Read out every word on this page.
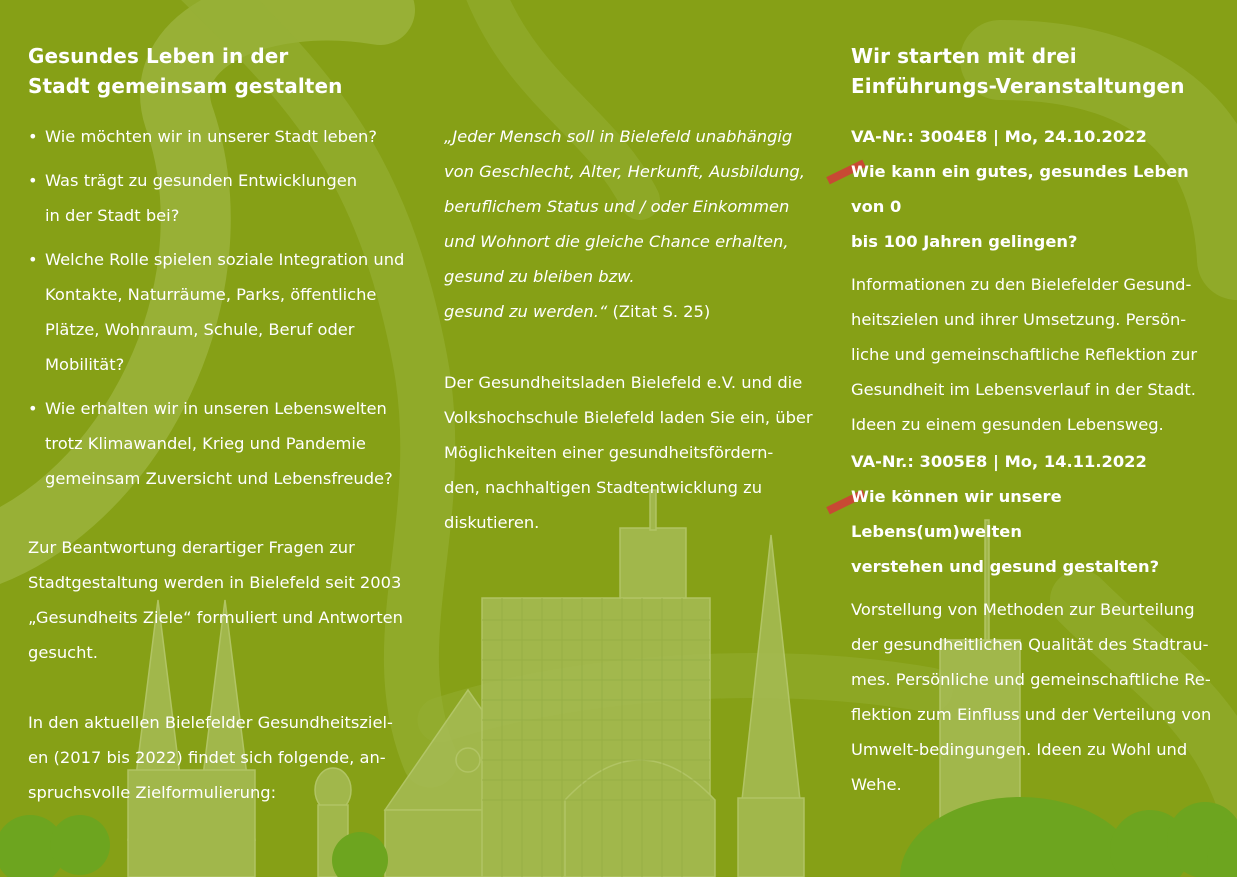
Gesundes Leben in der
Stadt gemeinsam gestalten
• Wie möchten wir in unserer Stadt leben?
• Was trägt zu gesunden Entwicklungen
in der Stadt bei?
• Welche Rolle spielen soziale Integration und
Kontakte, Naturräume, Parks, öffentliche
Plätze, Wohnraum, Schule, Beruf oder
Mobilität?
• Wie erhalten wir in unseren Lebenswelten
trotz Klimawandel, Krieg und Pandemie
gemeinsam Zuversicht und Lebensfreude?

Zur Beantwortung derartiger Fragen zur
Stadtgestaltung werden in Bielefeld seit 2003
„Gesundheits Ziele“ formuliert und Antworten
gesucht.

In den aktuellen Bielefelder Gesundheitsziel-
en (2017 bis 2022) findet sich folgende, an-
spruchsvolle Zielformulierung:

„Jeder Mensch soll in Bielefeld unabhängig
von Geschlecht, Alter, Herkunft, Ausbildung,
beruflichem Status und / oder Einkommen
und Wohnort die gleiche Chance erhalten,
gesund zu bleiben bzw.
gesund zu werden.“ (Zitat S. 25)

Der Gesundheitsladen Bielefeld e.V. und die
Volkshochschule Bielefeld laden Sie ein, über
Möglichkeiten einer gesundheitsfördern-
den, nachhaltigen Stadtentwicklung zu
diskutieren.

Wir starten mit drei
Einführungs-Veranstaltungen

VA-Nr.: 3004E8 | Mo, 24.10.2022

Wie kann ein gutes, gesundes Leben von 0
bis 100 Jahren gelingen?

Informationen zu den Bielefelder Gesund-
heitszielen und ihrer Umsetzung. Persön-
liche und gemeinschaftliche Reflektion zur
Gesundheit im Lebensverlauf in der Stadt.
Ideen zu einem gesunden Lebensweg.

VA-Nr.: 3005E8 | Mo, 14.11.2022

Wie können wir unsere Lebens(um)welten
verstehen und gesund gestalten?

Vorstellung von Methoden zur Beurteilung
der gesundheitlichen Qualität des Stadtrau-
mes. Persönliche und gemeinschaftliche Re-
flektion zum Einfluss und der Verteilung von
Umwelt-bedingungen. Ideen zu Wohl und
Wehe.
